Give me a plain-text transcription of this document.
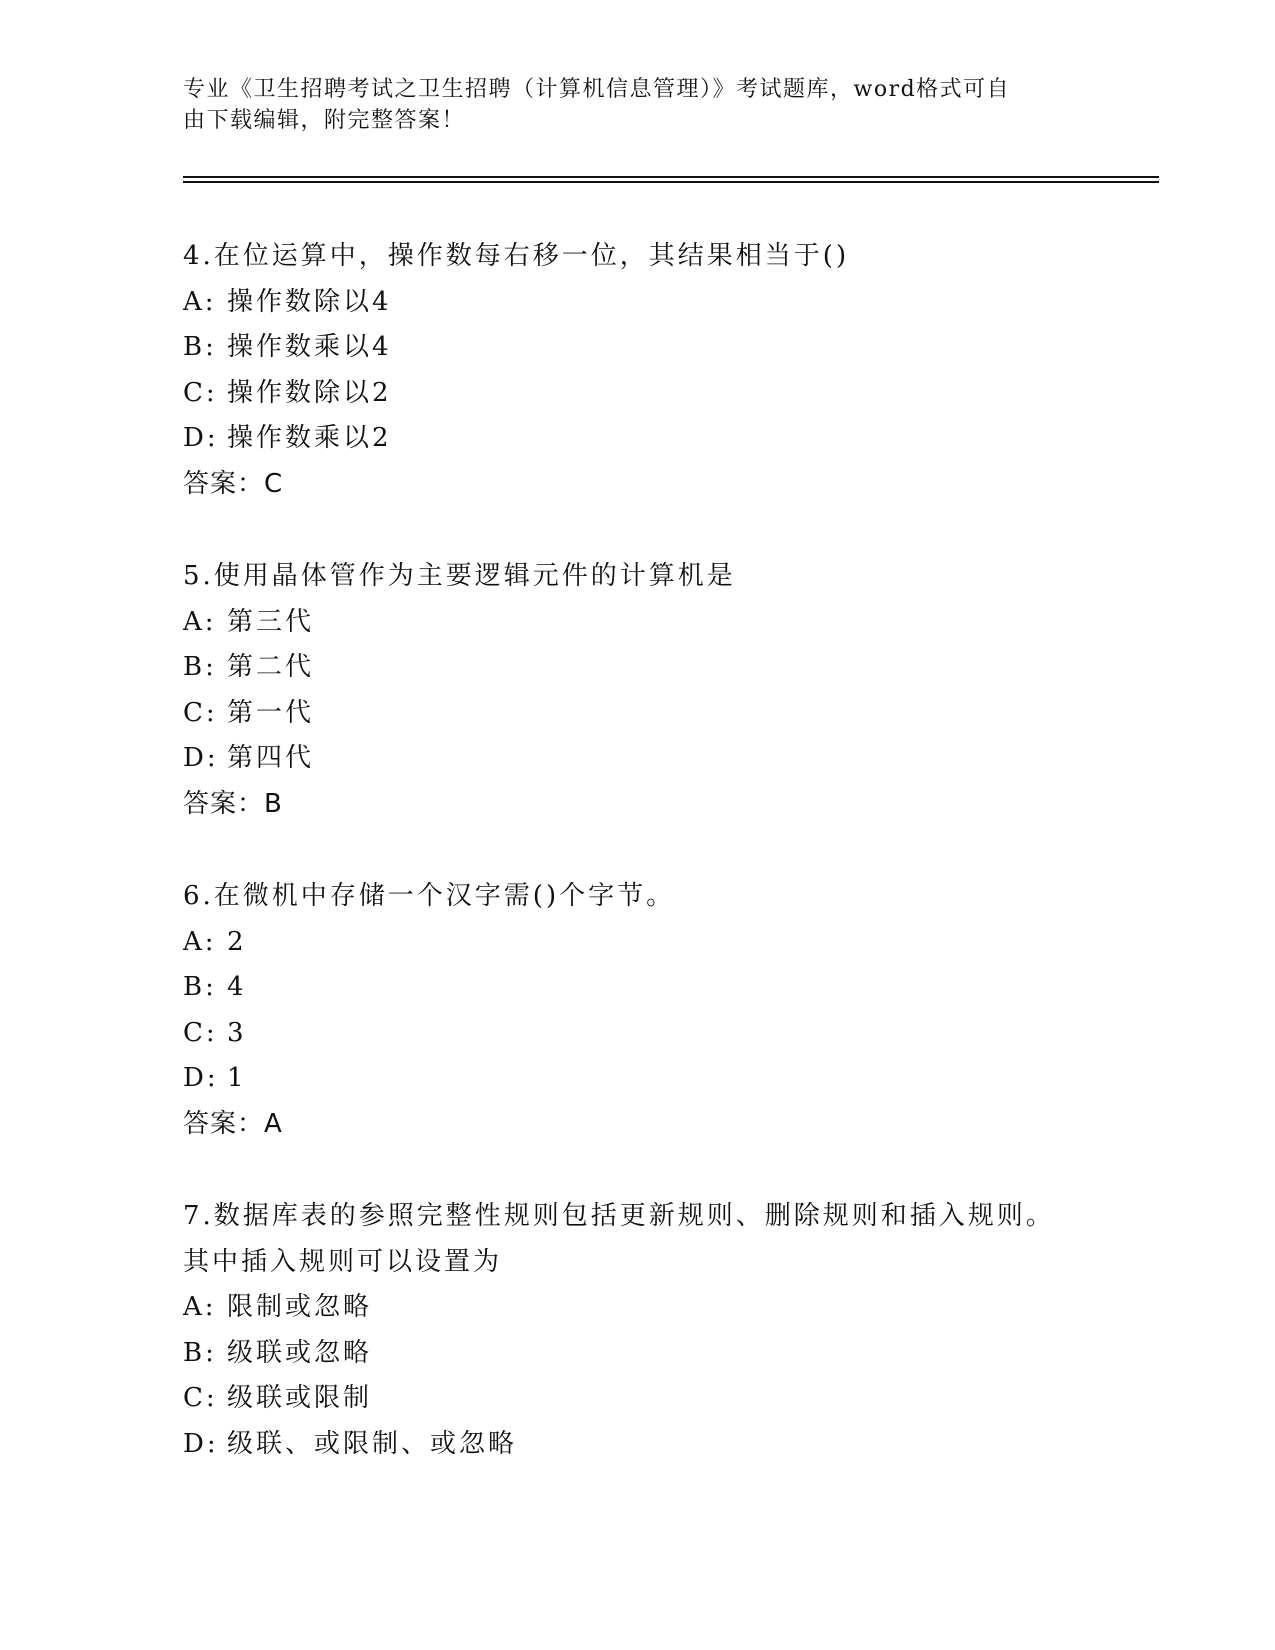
专业《卫生招聘考试之卫生招聘（计算机信息管理）》考试题库，word格式可自
由下载编辑，附完整答案！
4.在位运算中，操作数每右移一位，其结果相当于()
A: 操作数除以4
B: 操作数乘以4
C: 操作数除以2
D: 操作数乘以2
答案：C
5.使用晶体管作为主要逻辑元件的计算机是
A: 第三代
B: 第二代
C: 第一代
D: 第四代
答案：B
6.在微机中存储一个汉字需()个字节。
A: 2
B: 4
C: 3
D: 1
答案：A
7.数据库表的参照完整性规则包括更新规则、删除规则和插入规则。
其中插入规则可以设置为
A: 限制或忽略
B: 级联或忽略
C: 级联或限制
D: 级联、或限制、或忽略
